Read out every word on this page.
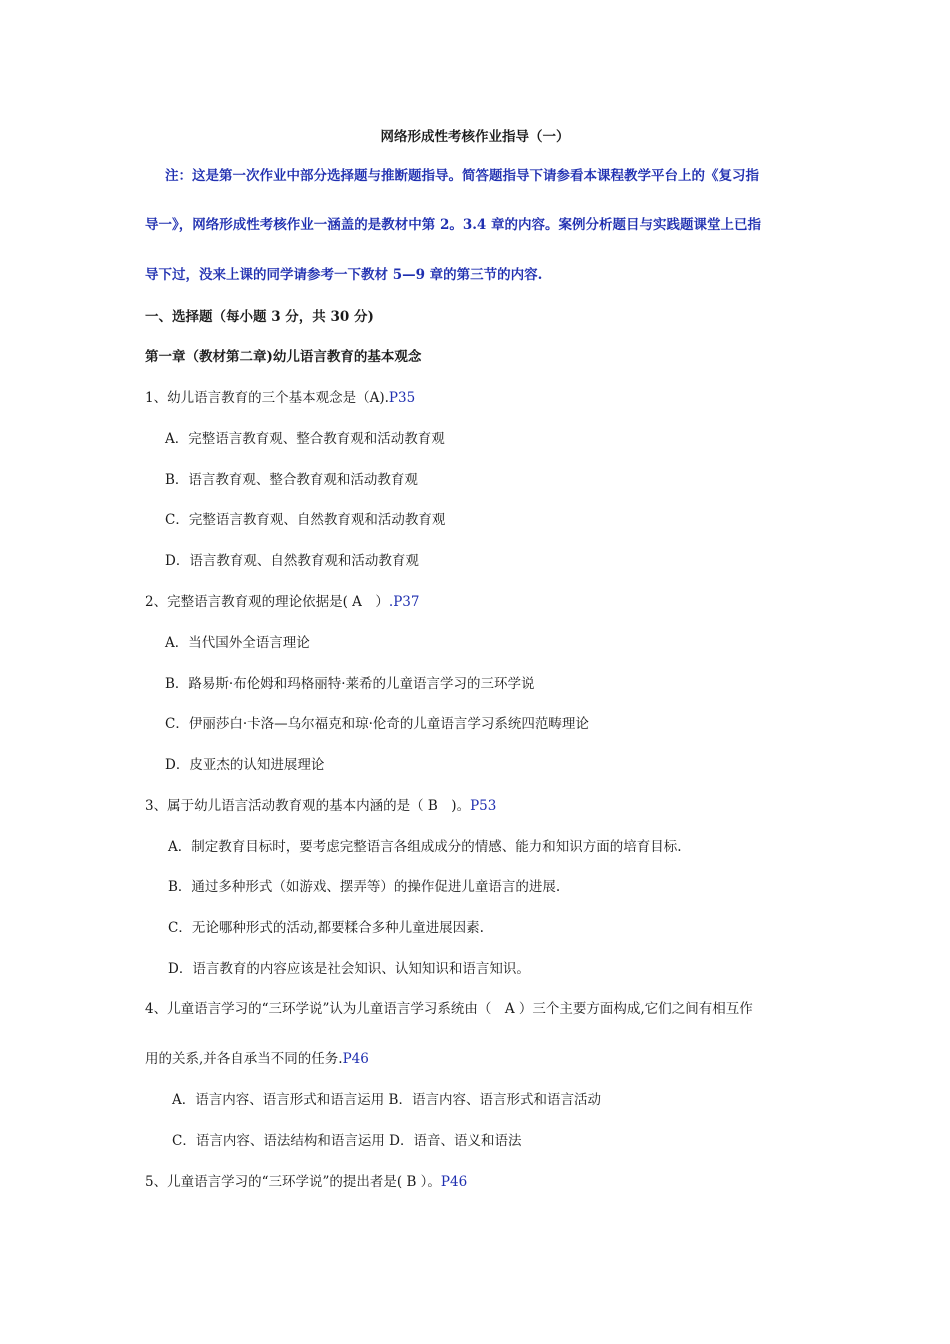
网络形成性考核作业指导（一）
注：这是第一次作业中部分选择题与推断题指导。简答题指导下请参看本课程教学平台上的《复习指
导一》，网络形成性考核作业一涵盖的是教材中第 2。3.4 章的内容。案例分析题目与实践题课堂上已指
导下过，没来上课的同学请参考一下教材 5—9 章的第三节的内容.
一、选择题（每小题 3 分，共 30 分)
第一章（教材第二章)幼儿语言教育的基本观念
1、幼儿语言教育的三个基本观念是（A).P35
A．完整语言教育观、整合教育观和活动教育观
B．语言教育观、整合教育观和活动教育观
C．完整语言教育观、自然教育观和活动教育观
D．语言教育观、自然教育观和活动教育观
2、完整语言教育观的理论依据是( A　）.P37
A．当代国外全语言理论
B．路易斯·布伦姆和玛格丽特·莱希的儿童语言学习的三环学说
C．伊丽莎白·卡洛—乌尔福克和琼·伦奇的儿童语言学习系统四范畴理论
D．皮亚杰的认知进展理论
3、属于幼儿语言活动教育观的基本内涵的是（ B　)。P53
A．制定教育目标时，要考虑完整语言各组成成分的情感、能力和知识方面的培育目标.
B．通过多种形式（如游戏、摆弄等）的操作促进儿童语言的进展.
C．无论哪种形式的活动,都要糅合多种儿童进展因素.
D．语言教育的内容应该是社会知识、认知知识和语言知识。
4、儿童语言学习的“三环学说”认为儿童语言学习系统由（　A ）三个主要方面构成,它们之间有相互作
用的关系,并各自承当不同的任务.P46
A．语言内容、语言形式和语言运用 B．语言内容、语言形式和语言活动
C．语言内容、语法结构和语言运用 D．语音、语义和语法
5、儿童语言学习的“三环学说”的提出者是( B ）。P46
